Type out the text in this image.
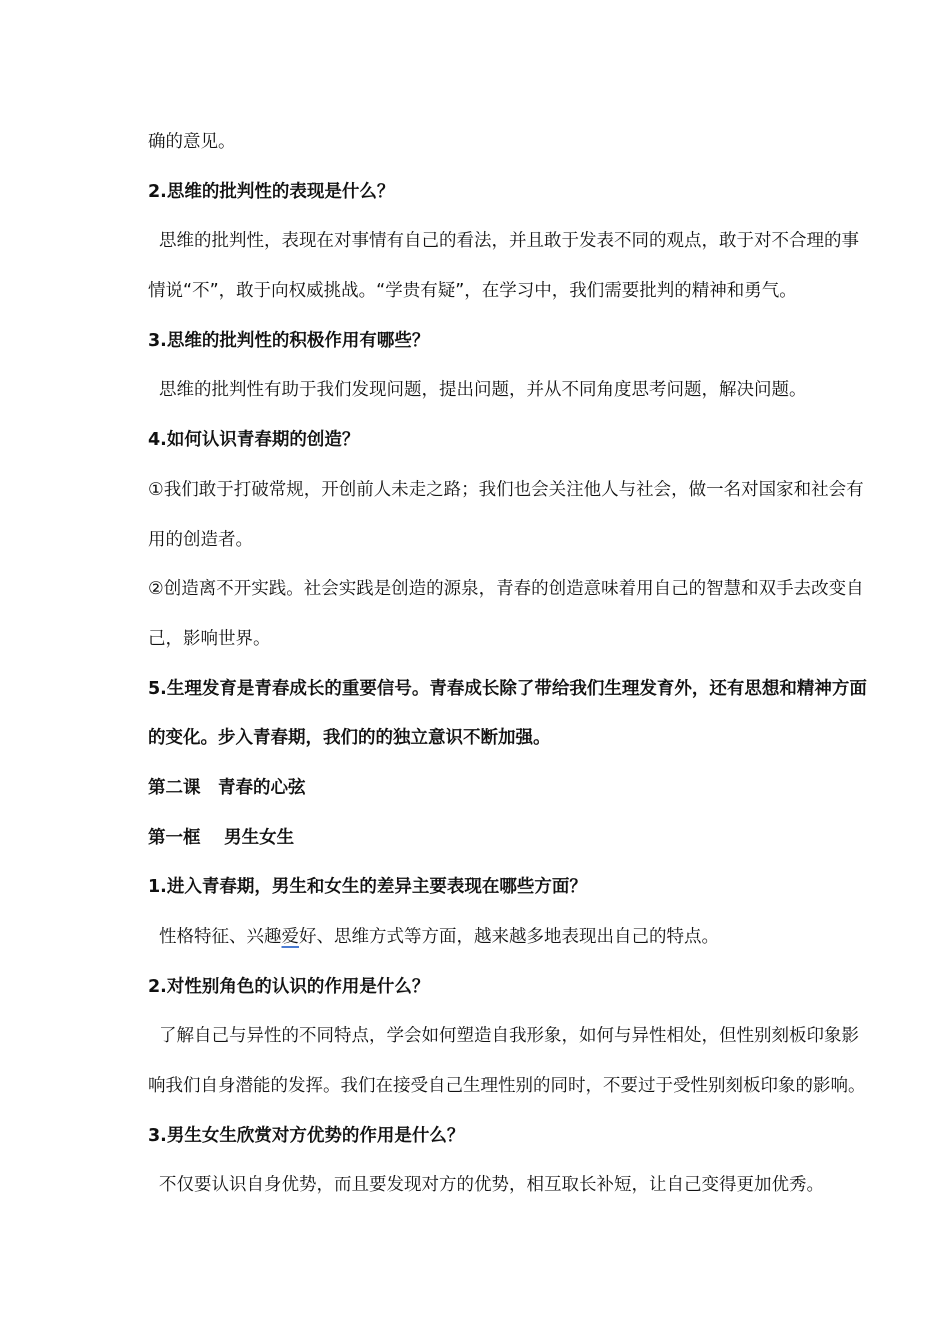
确的意见。
2.思维的批判性的表现是什么？
思维的批判性，表现在对事情有自己的看法，并且敢于发表不同的观点，敢于对不合理的事
情说“不”，敢于向权威挑战。“学贵有疑”，在学习中，我们需要批判的精神和勇气。
3.思维的批判性的积极作用有哪些？
思维的批判性有助于我们发现问题，提出问题，并从不同角度思考问题，解决问题。
4.如何认识青春期的创造？
①我们敢于打破常规，开创前人未走之路；我们也会关注他人与社会，做一名对国家和社会有
用的创造者。
②创造离不开实践。社会实践是创造的源泉，青春的创造意味着用自己的智慧和双手去改变自
己，影响世界。
5.生理发育是青春成长的重要信号。青春成长除了带给我们生理发育外，还有思想和精神方面
的变化。步入青春期，我们的的独立意识不断加强。
第二课　青春的心弦
第一框　 男生女生
1.进入青春期，男生和女生的差异主要表现在哪些方面？
性格特征、兴趣爱好、思维方式等方面，越来越多地表现出自己的特点。
2.对性别角色的认识的作用是什么？
了解自己与异性的不同特点，学会如何塑造自我形象，如何与异性相处，但性别刻板印象影
响我们自身潜能的发挥。我们在接受自己生理性别的同时，不要过于受性别刻板印象的影响。
3.男生女生欣赏对方优势的作用是什么？
不仅要认识自身优势，而且要发现对方的优势，相互取长补短，让自己变得更加优秀。
